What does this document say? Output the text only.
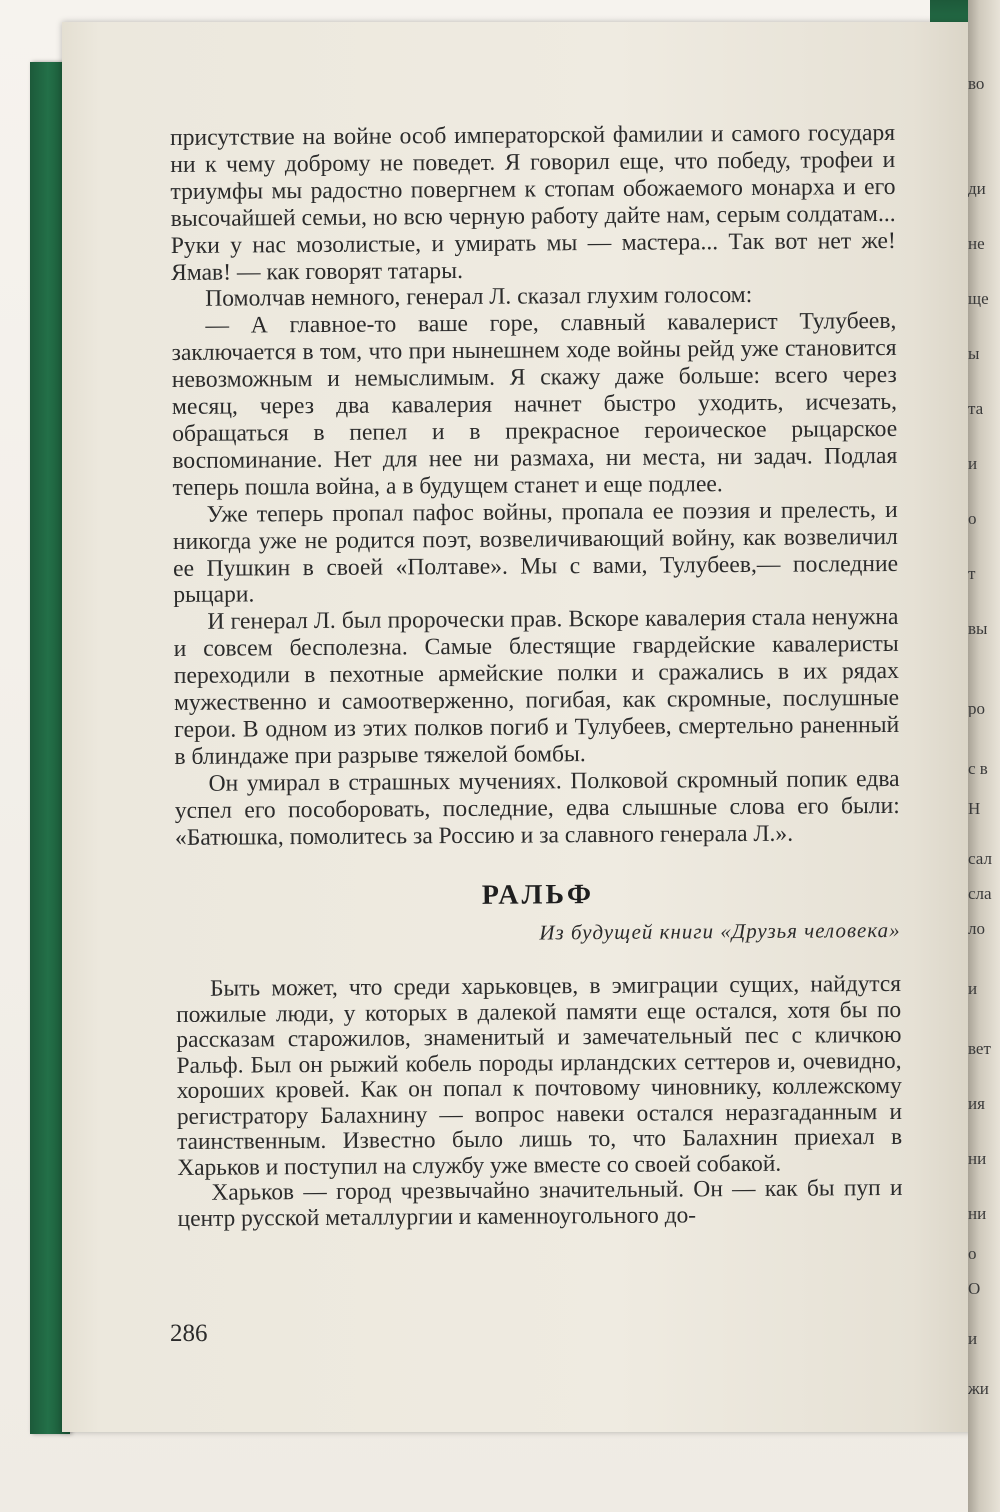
во
ди
не
ще
ы
та
и
о
т
вы
ро
с в
Н
сал
сла
ло
и
вет
ия
ни
ни
о
О
и
жи

присутствие на войне особ императорской фамилии и самого государя ни к чему доброму не поведет. Я говорил еще, что победу, трофеи и триумфы мы радостно повергнем к стопам обожаемого монарха и его высочайшей семьи, но всю черную работу дайте нам, серым солдатам... Руки у нас мозолистые, и умирать мы — мастера... Так вот нет же! Ямав! — как говорят татары.

Помолчав немного, генерал Л. сказал глухим голосом:

— А главное-то ваше горе, славный кавалерист Тулубеев, заключается в том, что при нынешнем ходе войны рейд уже становится невозможным и немыслимым. Я скажу даже больше: всего через месяц, через два кавалерия начнет быстро уходить, исчезать, обращаться в пепел и в прекрасное героическое рыцарское воспоминание. Нет для нее ни размаха, ни места, ни задач. Подлая теперь пошла война, а в будущем станет и еще подлее.

Уже теперь пропал пафос войны, пропала ее поэзия и прелесть, и никогда уже не родится поэт, возвеличивающий войну, как возвеличил ее Пушкин в своей «Полтаве». Мы с вами, Тулубеев,— последние рыцари.

И генерал Л. был пророчески прав. Вскоре кавалерия стала ненужна и совсем бесполезна. Самые блестящие гвардейские кавалеристы переходили в пехотные армейские полки и сражались в их рядах мужественно и самоотверженно, погибая, как скромные, послушные герои. В одном из этих полков погиб и Тулубеев, смертельно раненный в блиндаже при разрыве тяжелой бомбы.

Он умирал в страшных мучениях. Полковой скромный попик едва успел его пособоровать, последние, едва слышные слова его были: «Батюшка, помолитесь за Россию и за славного генерала Л.».

РАЛЬФ
Из будущей книги «Друзья человека»

Быть может, что среди харьковцев, в эмиграции сущих, найдутся пожилые люди, у которых в далекой памяти еще остался, хотя бы по рассказам старожилов, знаменитый и замечательный пес с кличкою Ральф. Был он рыжий кобель породы ирландских сеттеров и, очевидно, хороших кровей. Как он попал к почтовому чиновнику, коллежскому регистратору Балахнину — вопрос навеки остался неразгаданным и таинственным. Известно было лишь то, что Балахнин приехал в Харьков и поступил на службу уже вместе со своей собакой.

Харьков — город чрезвычайно значительный. Он — как бы пуп и центр русской металлургии и каменноугольного до-

286
